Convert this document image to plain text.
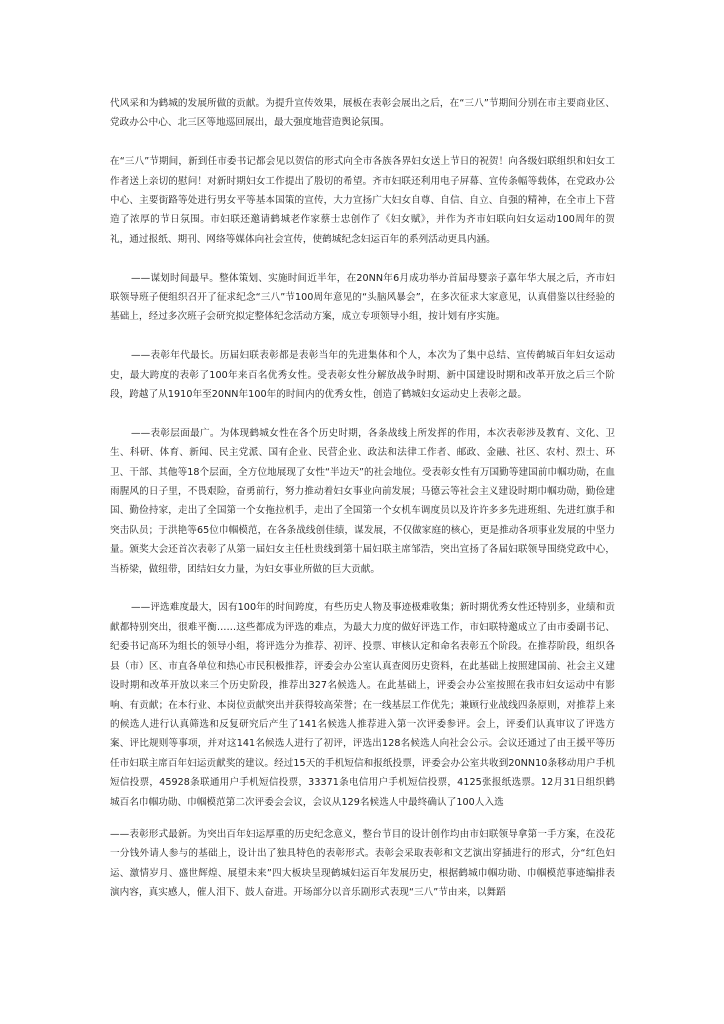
代风采和为鹤城的发展所做的贡献。为提升宣传效果，展板在表彰会展出之后，在“三八”节期间分别在市主要商业区、党政办公中心、北三区等地巡回展出，最大强度地营造舆论氛围。

在“三八”节期间，新到任市委书记都会见以贺信的形式向全市各族各界妇女送上节日的祝贺！向各级妇联组织和妇女工作者送上亲切的慰问！对新时期妇女工作提出了殷切的希望。齐市妇联还利用电子屏幕、宣传条幅等载体，在党政办公中心、主要街路等处进行男女平等基本国策的宣传，大力宣扬广大妇女自尊、自信、自立、自强的精神，在全市上下营造了浓厚的节日氛围。市妇联还邀请鹤城老作家蔡士忠创作了《妇女赋》，并作为齐市妇联向妇女运动100周年的贺礼，通过报纸、期刊、网络等媒体向社会宣传，使鹤城纪念妇运百年的系列活动更具内涵。

——谋划时间最早。整体策划、实施时间近半年，在20NN年6月成功举办首届母婴亲子嘉年华大展之后，齐市妇联领导班子便组织召开了征求纪念“三八”节100周年意见的“头脑风暴会”，在多次征求大家意见，认真借鉴以往经验的基础上，经过多次班子会研究拟定整体纪念活动方案，成立专项领导小组，按计划有序实施。

——表彰年代最长。历届妇联表彰都是表彰当年的先进集体和个人，本次为了集中总结、宣传鹤城百年妇女运动史，最大跨度的表彰了100年来百名优秀女性。受表彰女性分解放战争时期、新中国建设时期和改革开放之后三个阶段，跨越了从1910年至20NN年100年的时间内的优秀女性，创造了鹤城妇女运动史上表彰之最。

——表彰层面最广。为体现鹤城女性在各个历史时期，各条战线上所发挥的作用，本次表彰涉及教育、文化、卫生、科研、体育、新闻、民主党派、国有企业、民营企业、政法和法律工作者、邮政、金融、社区、农村、烈士、环卫、干部、其他等18个层面，全方位地展现了女性“半边天”的社会地位。受表彰女性有万国勤等建国前巾帼功勋，在血雨腥风的日子里，不畏艰险，奋勇前行，努力推动着妇女事业向前发展；马德云等社会主义建设时期巾帼功勋，勤俭建国、勤俭持家，走出了全国第一个女拖拉机手，走出了全国第一个女机车调度员以及许许多多先进班组、先进红旗手和突击队员；于洪艳等65位巾帼模范，在各条战线创佳绩，谋发展，不仅做家庭的核心，更是推动各项事业发展的中坚力量。颁奖大会还首次表彰了从第一届妇女主任杜贵线到第十届妇联主席邹浩，突出宣扬了各届妇联领导围绕党政中心，当桥梁，做纽带，团结妇女力量，为妇女事业所做的巨大贡献。

——评选难度最大，因有100年的时间跨度，有些历史人物及事迹极难收集；新时期优秀女性还特别多，业绩和贡献都特别突出，很难平衡……这些都成为评选的难点，为最大力度的做好评选工作，市妇联特邀成立了由市委副书记、纪委书记高环为组长的领导小组，将评选分为推荐、初评、投票、审核认定和命名表彰五个阶段。在推荐阶段，组织各县（市）区、市直各单位和热心市民积极推荐，评委会办公室认真查阅历史资料，在此基础上按照建国前、社会主义建设时期和改革开放以来三个历史阶段，推荐出327名候选人。在此基础上，评委会办公室按照在我市妇女运动中有影响、有贡献；在本行业、本岗位贡献突出并获得较高荣誉；在一线基层工作优先；兼顾行业战线四条原则，对推荐上来的候选人进行认真筛选和反复研究后产生了141名候选人推荐进入第一次评委参评。会上，评委们认真审议了评选方案、评比规则等事项，并对这141名候选人进行了初评，评选出128名候选人向社会公示。会议还通过了由王援平等历任市妇联主席百年妇运贡献奖的建议。经过15天的手机短信和报纸投票，评委会办公室共收到20NN10条移动用户手机短信投票，45928条联通用户手机短信投票，33371条电信用户手机短信投票，4125张报纸选票。12月31日组织鹤城百名巾帼功勋、巾帼模范第二次评委会会议，会议从129名候选人中最终确认了100人入选

——表彰形式最新。为突出百年妇运厚重的历史纪念意义，整台节目的设计创作均由市妇联领导拿第一手方案，在没花一分钱外请人参与的基础上，设计出了独具特色的表彰形式。表彰会采取表彰和文艺演出穿插进行的形式，分“红色妇运、激情岁月、盛世辉煌、展望未来”四大板块呈现鹤城妇运百年发展历史，根据鹤城巾帼功勋、巾帼模范事迹编排表演内容，真实感人，催人泪下、鼓人奋进。开场部分以音乐剧形式表现“三八”节由来，以舞蹈
